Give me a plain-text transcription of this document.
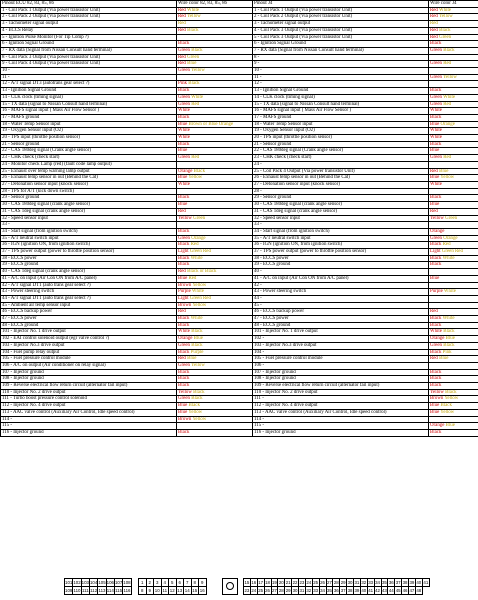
Pinout ECU 82, 83, 85, 86	Wire color 82, 83, 85, 86	Pinout J4	Wire color J4
1 - Coil Pack 1 Output (Via power transistor Unit)	Red White	1 - Coil Pack 1 Output (Via power transistor Unit)	Red White
2 - Coil Pack 2 Output (Via power transistor Unit)	Red Yellow	2 - Coil Pack 2 Output (Via power transistor Unit)	Red Yellow
3 - Tachometer signal output	Red	3 - Tachometer signal output	Red
4 - ECCS Relay	Red Black	4 - Coil Pack 3 Output (Via power transistor Unit)	Red Black
5 - Ignition Pulse Monitor (For Tip Comp ?)		5 - Coil Pack 3 Output (Via power transistor Unit)	Red Green
6 - Ignition Signal Ground	Black	6 - Ignition Signal Ground	Black
7 - RX data (Signal from Nissan Consult hand terminal)	Green Black	7 - RX data (Signal from Nissan Consult hand terminal)	Green Black
8 - Coil Pack 3 Output (Via power transistor Unit)	Red Green	8 -	
9 - Coil Pack 4 Output (Via power transistor Unit)	Red Blue	9 -	Green Red
10 -	Green Yellow	10 -	
11 -		11 -	Green Yellow
12 - A/T signal DT3 (autotrans gear select ?)	Pink Black	12 -	
13 - Ignition Signal Ground	Black	13 - Ignition Signal Ground	Black
14 - CLK clock (timing signal)	Green White	14 - CLK clock (timing signal)	Green White
15 - TX data (signal to Nissan Consult hand terminal)	Green Red	15 - TX data (signal to Nissan Consult hand terminal)	Green Red
16 - MAFS signal input ( Mass Air Flow Sensor )	White	16 - MAFS signal input ( Mass Air Flow Sensor )	White
17 - MAFS ground	Black	17 - MAFS ground	Black
18 - Water Temp Sensor input	Blue Brown or Blue Orange	18 - Water Temp Sensor input	Blue Orange
19 - Oxygen Sensor input (O2)	White	19 - Oxygen Sensor input (O2)	White
20 - TPS input (throttle position sensor)	White	20 - TPS input (throttle position sensor)	White
21 - Sensor ground	Black	21 - Sensor ground	Black
22 - CAS 180deg signal (Crank angle sensor)	Blue	22 - CAS 180deg signal (Crank angle sensor)	Blue
23 - CHK check (check start)	Green Red	23 - CHK check (check start)	Green Red
24 - Monitor check Lamp (red) (fault code lamp output)		24 -	
25 - Exhaust over temp warning lamp output	Orange Black	25 - Coil Pack 4 Output (Via power transistor Unit)	Red Blue
26 - Exhaust temp sensor in out (Behind the Cat)	Blue Yellow	26 - Exhaust temp sensor in out (Behind the Cat)	Blue Yellow
27 - Detonation sensor input (knock sensor)	White	27 - Detonation sensor input (knock sensor)	White
28 - TPS for A/T (kick down switch)		28 -	
29 - Sensor ground	Black	29 - Sensor ground	Black
30 - CAS 180deg signal (crank angle sensor)	Blue	30 - CAS 180deg signal (crank angle sensor)	Blue
31 - CAS 1deg signal (crank angle sensor)	Red	31 - CAS 1deg signal (crank angle sensor)	Red
32 - Speed sensor input	Yellow Green	32 - Speed sensor input	Yellow Green
33 -		33 -	
34 - Start signal (from ignition switch)	Black	34 - Start signal (from ignition switch)	Orange
35 - A/T neutral switch input	Green Orange	35 - A/T neutral switch input	Green Orange
36 - IGN (ignition ON, from ignition switch)	Black Red	36 - IGN (ignition ON, from ignition switch)	Black Red
37 - TPS power output (power to throttle position sensor)	Light Green Red	37 - TPS power output (power to throttle position sensor)	Light Green Red
38 - ECCS power	Black White	38 - ECCS power	Black White
39 - ECCS ground	Black	39 - ECCS ground	Black
40 - CAS 1deg signal (crank angle sensor)	Red Black or Black	40 -	
41 - A/C on input (Air Con ON from A/C panel)	Blue Red	41 - A/C on input (Air Con ON from A/C panel)	Blue
42 - A/T signal DT1 (auto trans gear select ?)	Brown Yellow	42 -	
43 - Power steering switch	Purple White	43 - Power steering switch	Purple White
44 - A/T signal DT1 (auto trans gear select ?)	Light Green Red	44 -	
45 - Ambient air temp sensor input	Brown Yellow	45 -	
46 - ECCS backup power	Red	46 - ECCS backup power	Red
47 - ECCS power	Black White	47 - ECCS power	Black White
48 - ECCS ground	Black	48 - ECCS ground	Black
101 - Injector No. 1 drive output	White Black	101 - Injector No. 1 drive output	White Black
102 - EAI control solenoid output (egr valve control ?)	Orange Blue	102 -	Orange Blue
103 - Injector No.3 drive output	Green Black	103 - Injector No.3 drive output	Green Black
104 - Fuel pump relay output	Black Purple	104 -	Black Pink
105 - Fuel pressure control module	Red Blue	105 - Fuel pressure control module	Red Blue
106 - A/C on output (Air conditioner on relay signal)	Green Yellow	106 -	
107 - Injector ground	Black	107 - Injector ground	Black
108 - Injector ground	Black	108 - Injector ground	Black
109 - Reverse electrical flow return circuit (alternator fail input)	Black	109 - Reverse electrical flow return circuit (alternator fail input)	Black
110 - Injector No. 2 drive output	Yellow Black	110 - Injector No. 2 drive output	Yellow Black
111 - Turbo boost pressure control solenoid	Green Black	111 -	Brown Yellow
112 - Injector No. 4 drive output	Blue Black	112 - Injector No. 4 drive output	Blue Black
113 - AAC valve control (Auxiliary Air Control, Idle speed control)	Blue Yellow	113 - AAC valve control (Auxiliary Air Control, Idle speed control)	Blue Yellow
114 -	Brown Yellow	114 -	
115 -		115 -	Orange Blue
116 - Injector ground	Black	116 - Injector ground	Black
101	102	103	104	105	106	107	108
109	110	111	112	113	114	115	116
1	2	3	4	5	6	7	8	9
8	9	10	11	12	13	14	15	16
15	16	17	18	19	20	21	22	23	24	25	26	27	28	29	30	31	32	33	34	35	36	37	38	39	40	41
23	24	25	26	27	28	29	30	31	32	33	34	35	36	37	38	39	40	41	42	43	44	45	46	47	48	
